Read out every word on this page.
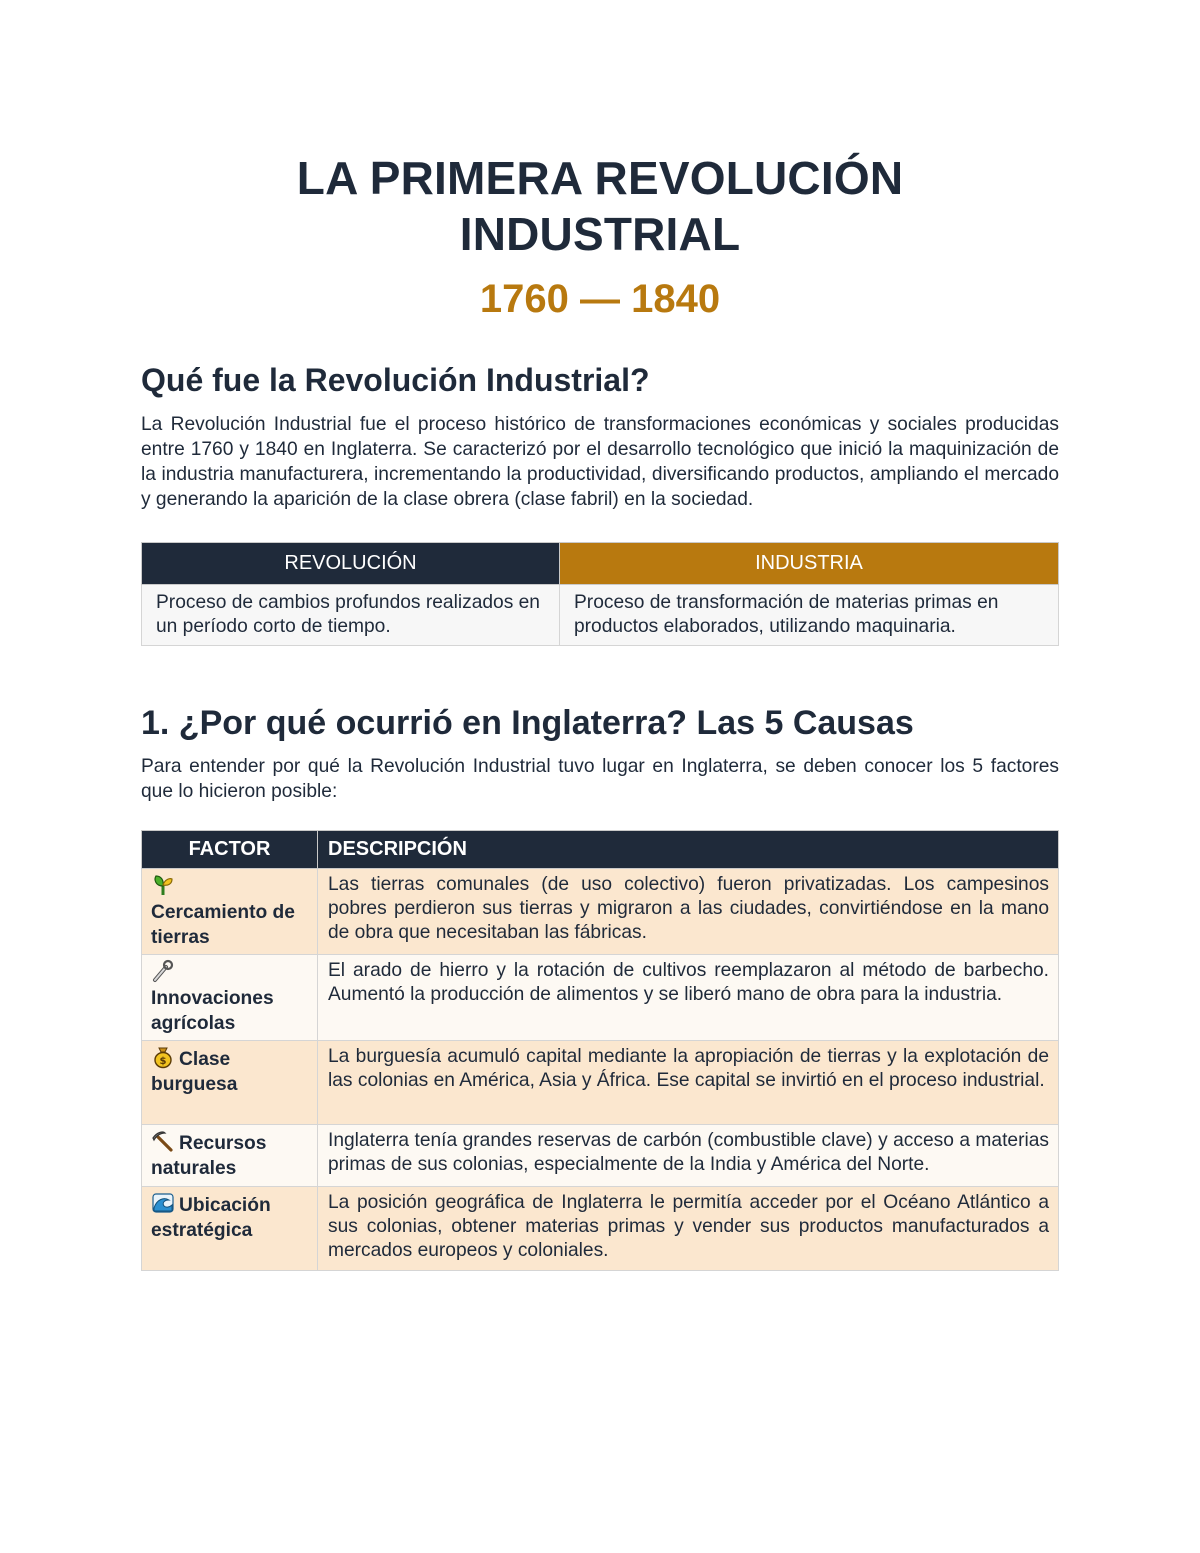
LA PRIMERA REVOLUCIÓN
INDUSTRIAL
1760 — 1840
Qué fue la Revolución Industrial?

La Revolución Industrial fue el proceso histórico de transformaciones económicas y sociales producidas entre 1760 y 1840 en Inglaterra. Se caracterizó por el desarrollo tecnológico que inició la maquinización de la industria manufacturera, incrementando la productividad, diversificando productos, ampliando el mercado y generando la aparición de la clase obrera (clase fabril) en la sociedad.

REVOLUCIÓN	INDUSTRIA
Proceso de cambios profundos realizados en un período corto de tiempo.	Proceso de transformación de materias primas en productos elaborados, utilizando maquinaria.
1. ¿Por qué ocurrió en Inglaterra? Las 5 Causas

Para entender por qué la Revolución Industrial tuvo lugar en Inglaterra, se deben conocer los 5 factores que lo hicieron posible:

FACTOR	DESCRIPCIÓN

Cercamiento de tierras	Las tierras comunales (de uso colectivo) fueron privatizadas. Los campesinos pobres perdieron sus tierras y migraron a las ciudades, convirtiéndose en la mano de obra que necesitaban las fábricas.

Innovaciones agrícolas	El arado de hierro y la rotación de cultivos reemplazaron al método de barbecho. Aumentó la producción de alimentos y se liberó mano de obra para la industria.

$ Clase burguesa	La burguesía acumuló capital mediante la apropiación de tierras y la explotación de las colonias en América, Asia y África. Ese capital se invirtió en el proceso industrial.

Recursos naturales	Inglaterra tenía grandes reservas de carbón (combustible clave) y acceso a materias primas de sus colonias, especialmente de la India y América del Norte.

Ubicación estratégica	La posición geográfica de Inglaterra le permitía acceder por el Océano Atlántico a sus colonias, obtener materias primas y vender sus productos manufacturados a mercados europeos y coloniales.
